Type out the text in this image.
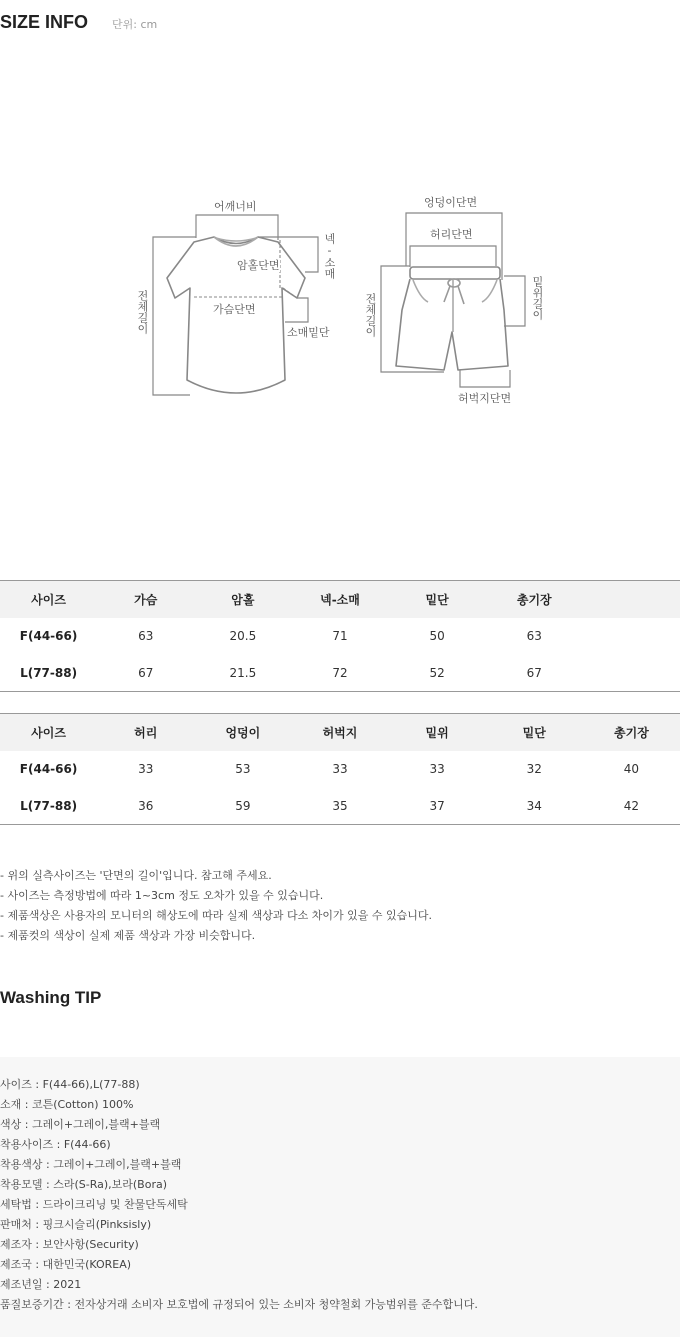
SIZE INFO 단위: cm
어깨너비
암홀단면
가슴단면
소매밑단
넥-소매
전체길이
엉덩이단면
허리단면
허벅지단면
밑위길이
전체길이
사이즈	가슴	암홀	넥-소매	밑단	총기장	
F(44-66)	63	20.5	71	50	63	
L(77-88)	67	21.5	72	52	67	
사이즈	허리	엉덩이	허벅지	밑위	밑단	총기장
F(44-66)	33	53	33	33	32	40
L(77-88)	36	59	35	37	34	42

- 위의 실측사이즈는 '단면의 길이'입니다. 참고해 주세요.

- 사이즈는 측정방법에 따라 1~3cm 정도 오차가 있을 수 있습니다.

- 제품색상은 사용자의 모니터의 해상도에 따라 실제 색상과 다소 차이가 있을 수 있습니다.

- 제품컷의 색상이 실제 제품 색상과 가장 비슷합니다.

Washing TIP

사이즈 : F(44-66),L(77-88)

소재 : 코튼(Cotton) 100%

색상 : 그레이+그레이,블랙+블랙

착용사이즈 : F(44-66)

착용색상 : 그레이+그레이,블랙+블랙

착용모델 : 스라(S-Ra),보라(Bora)

세탁법 : 드라이크리닝 및 찬물단독세탁

판매처 : 핑크시슬리(Pinksisly)

제조자 : 보안사항(Security)

제조국 : 대한민국(KOREA)

제조년일 : 2021

품질보증기간 : 전자상거래 소비자 보호법에 규정되어 있는 소비자 청약철회 가능범위를 준수합니다.
